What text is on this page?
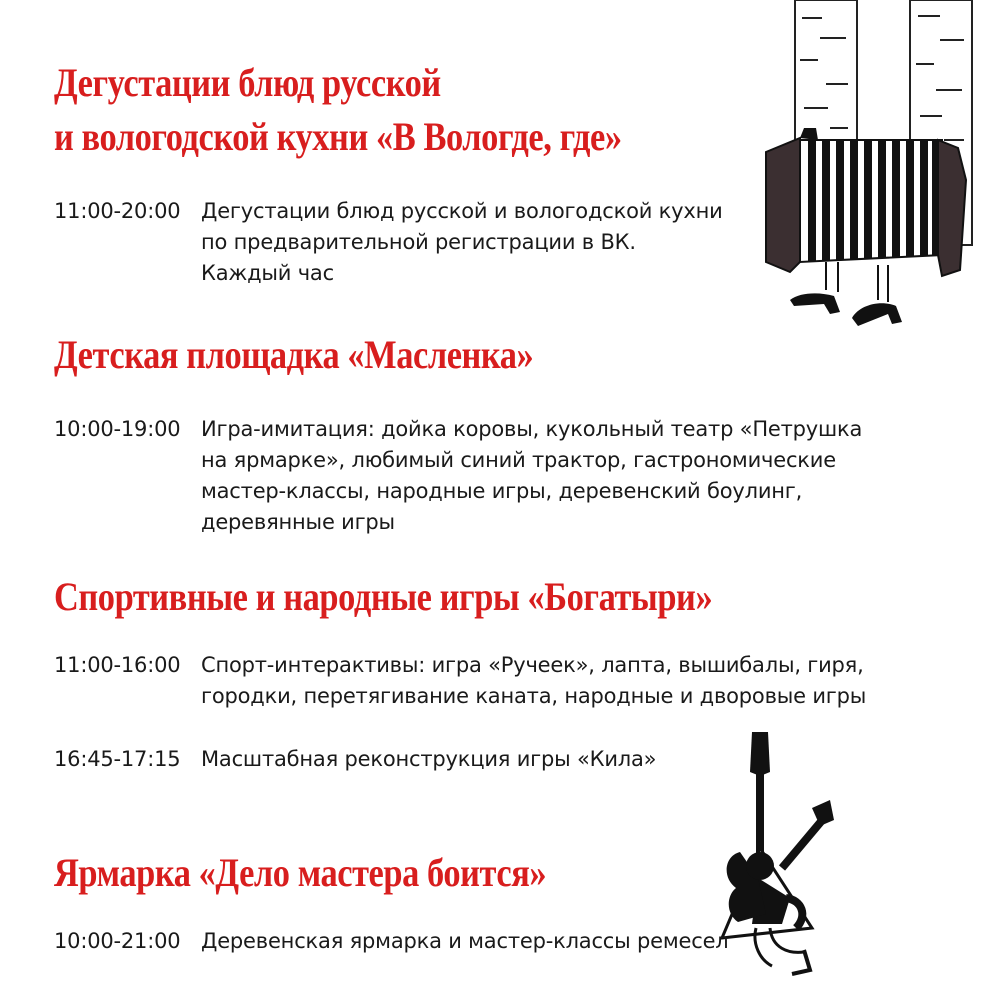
Дегустации блюд русской
и вологодской кухни «В Вологде, где»
11:00-20:00 Дегустации блюд русской и вологодской кухни
по предварительной регистрации в ВК.
Каждый час
Детская площадка «Масленка»
10:00-19:00 Игра-имитация: дойка коровы, кукольный театр «Петрушка
на ярмарке», любимый синий трактор, гастрономические
мастер-классы, народные игры, деревенский боулинг,
деревянные игры
Спортивные и народные игры «Богатыри»
11:00-16:00 Спорт-интерактивы: игра «Ручеек», лапта, вышибалы, гиря,
городки, перетягивание каната, народные и дворовые игры
16:45-17:15 Масштабная реконструкция игры «Кила»
Ярмарка «Дело мастера боится»
10:00-21:00 Деревенская ярмарка и мастер-классы ремесел
